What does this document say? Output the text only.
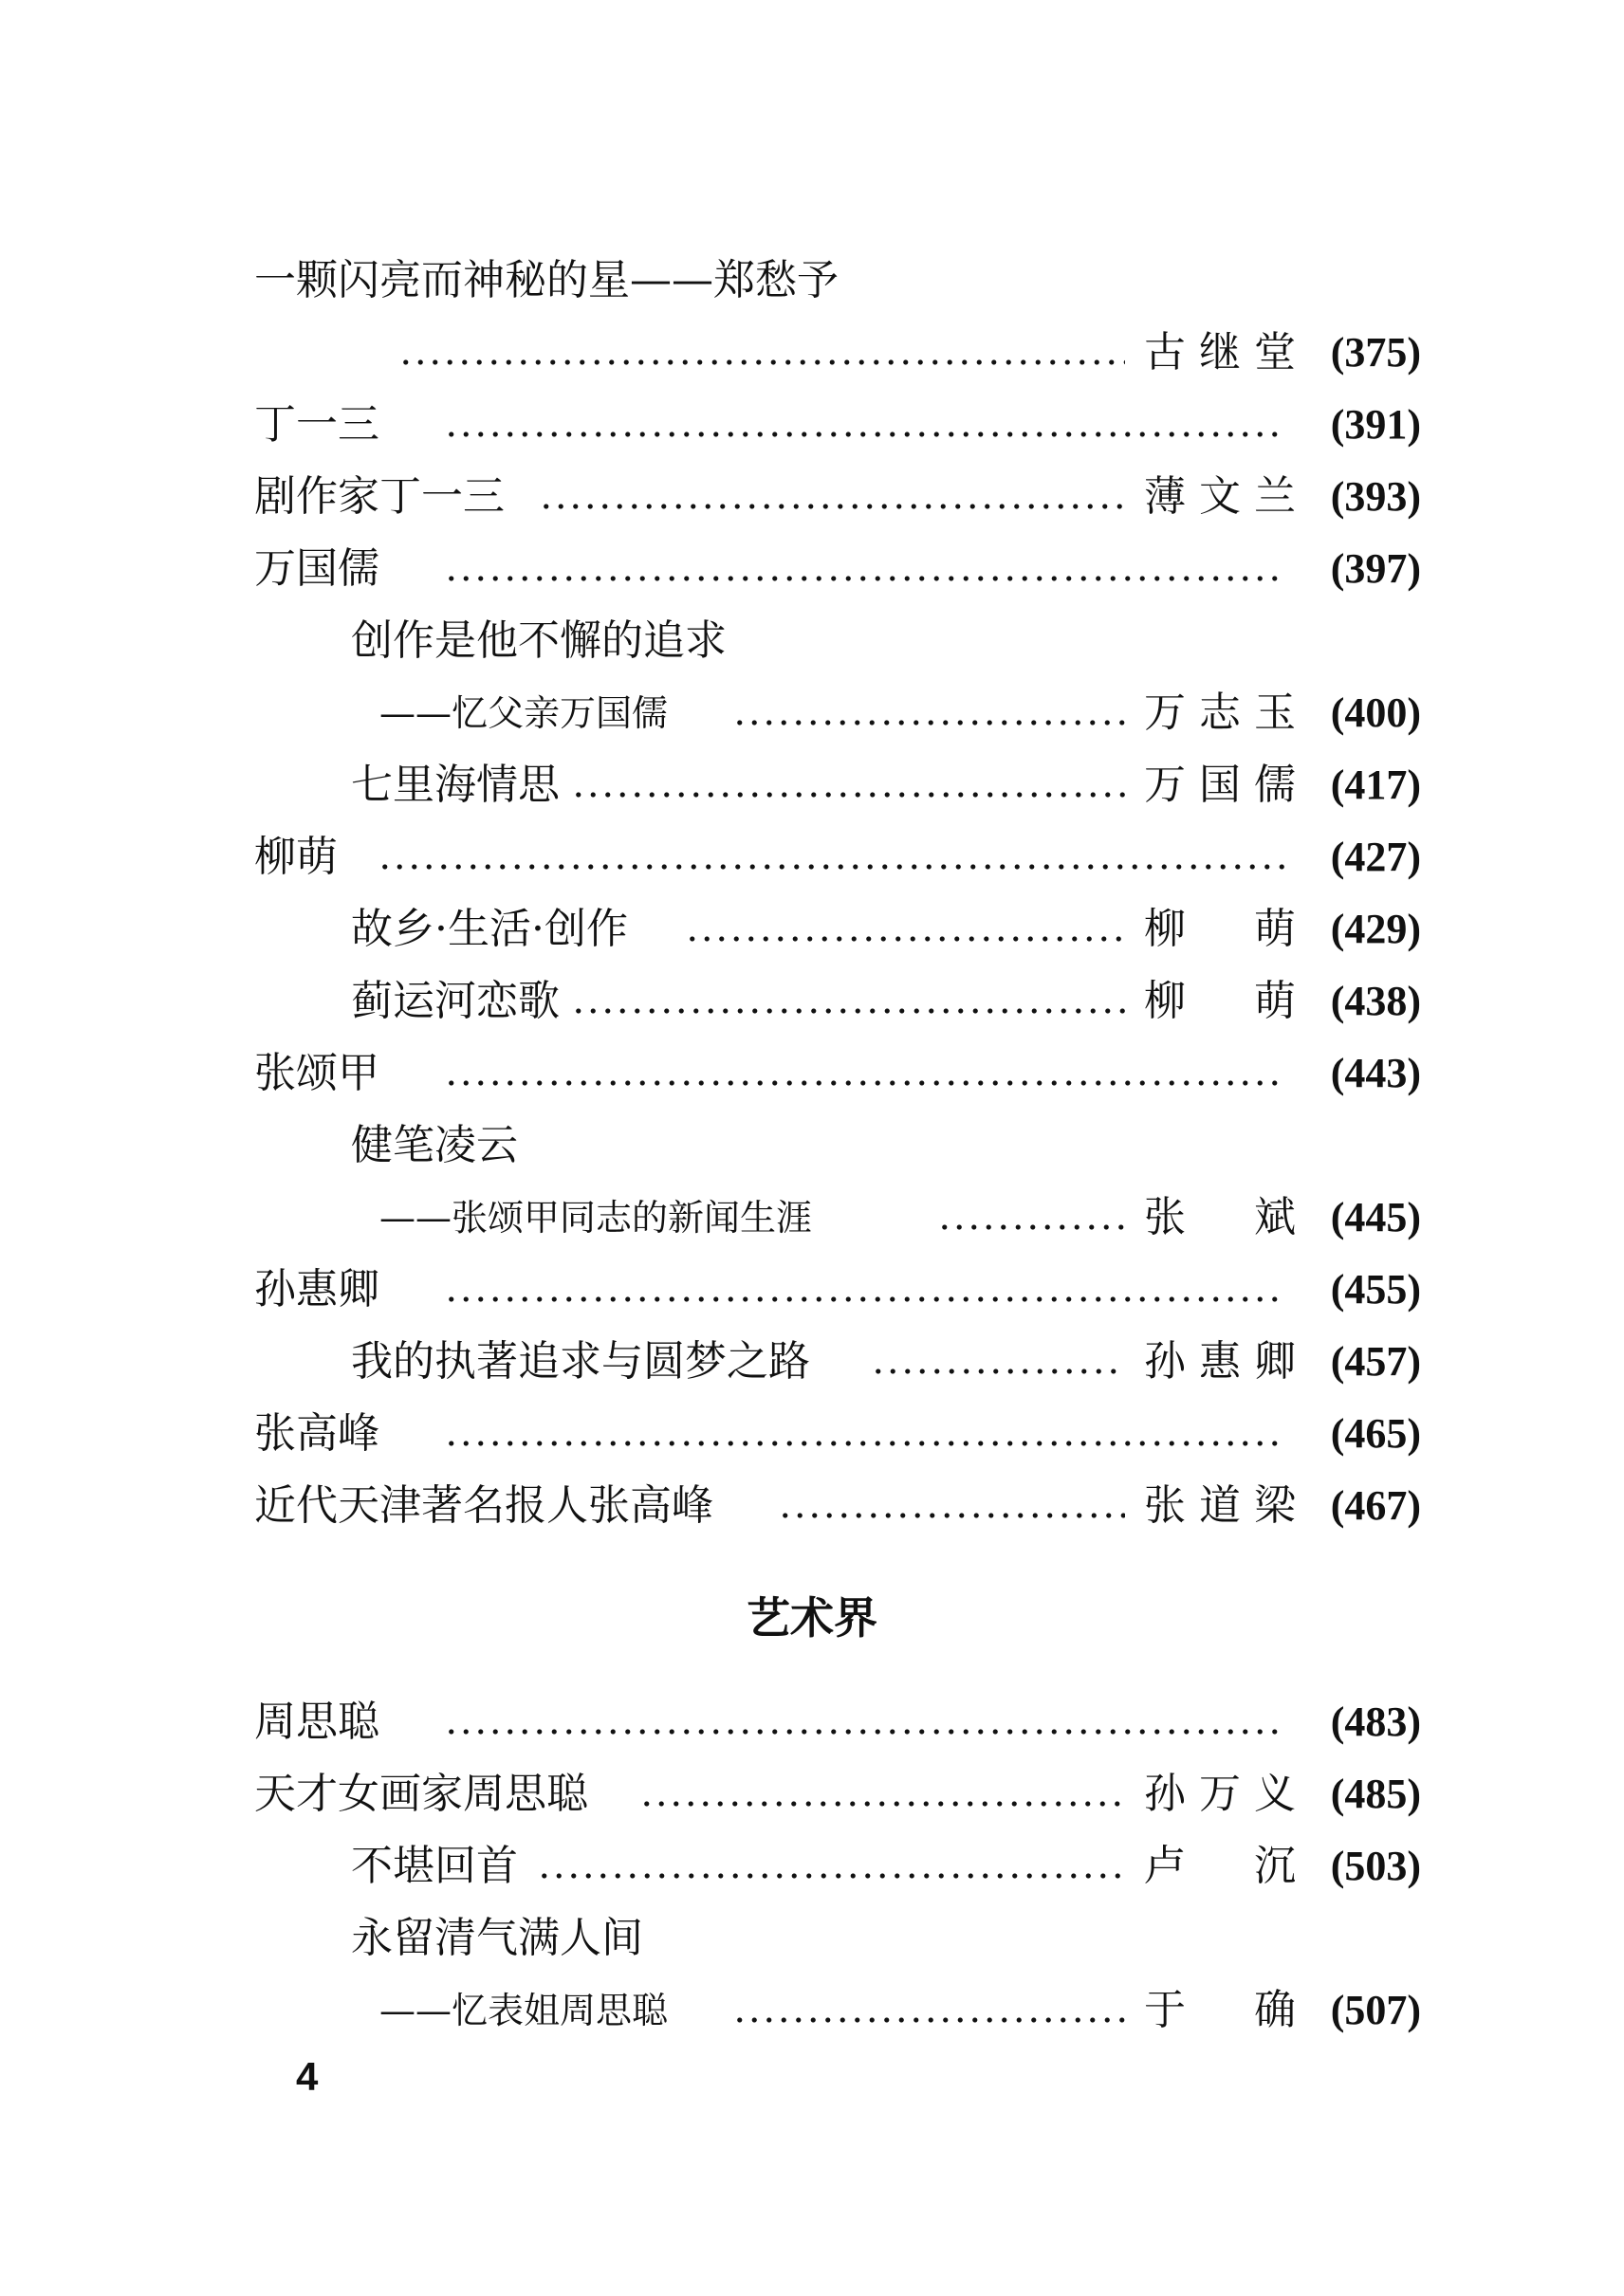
一颗闪亮而神秘的星——郑愁予
古继堂 (375)
丁一三	(391)
剧作家丁一三	薄文兰 (393)
万国儒	(397)
创作是他不懈的追求
——忆父亲万国儒	万志玉 (400)
七里海情思	万国儒 (417)
柳萌	(427)
故乡·生活·创作	柳萌 (429)
蓟运河恋歌	柳萌 (438)
张颂甲	(443)
健笔凌云
——张颂甲同志的新闻生涯	张斌 (445)
孙惠卿	(455)
我的执著追求与圆梦之路	孙惠卿 (457)
张高峰	(465)
近代天津著名报人张高峰	张道梁 (467)
艺术界
周思聪	(483)
天才女画家周思聪	孙万义 (485)
不堪回首	卢沉 (503)
永留清气满人间
——忆表姐周思聪	于确 (507)
4
